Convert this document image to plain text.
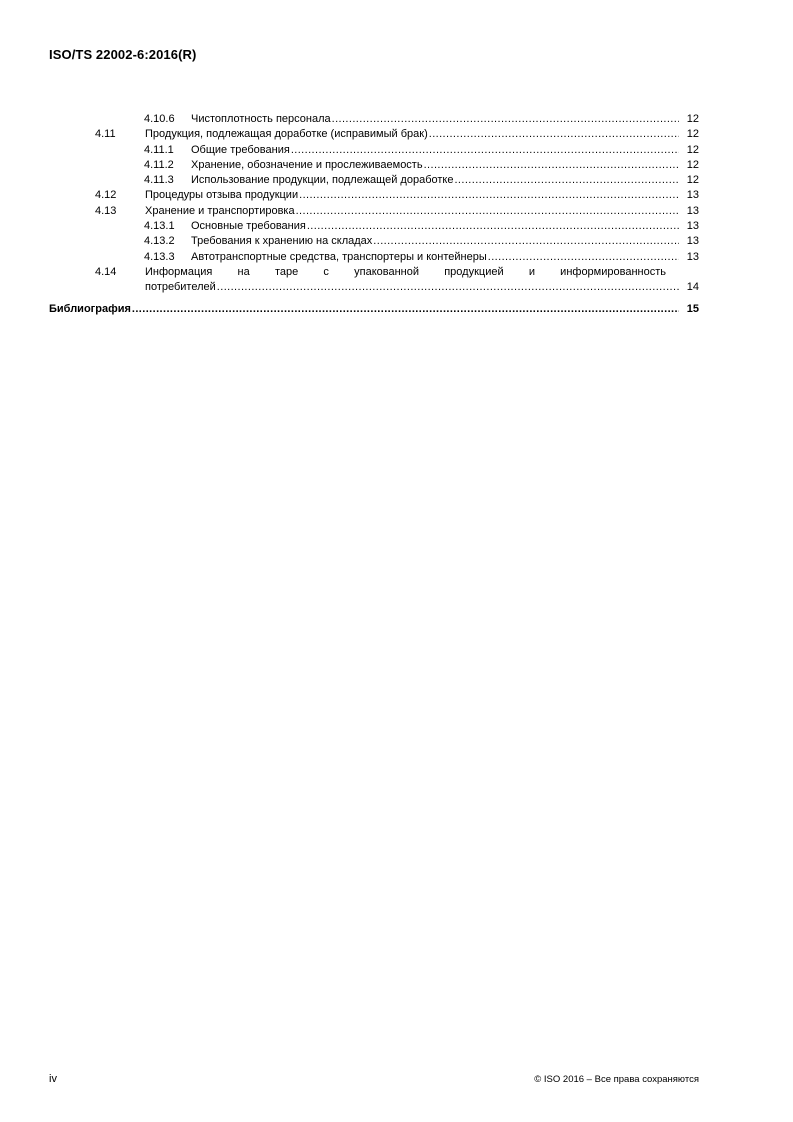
ISO/TS 22002-6:2016(R)
4.10.6	Чистоплотность персонала .....	12
4.11	Продукция, подлежащая доработке (исправимый брак) .....	12
4.11.1	Общие требования .....	12
4.11.2	Хранение, обозначение и прослеживаемость .....	12
4.11.3	Использование продукции, подлежащей доработке .....	12
4.12	Процедуры отзыва продукции .....	13
4.13	Хранение и транспортировка .....	13
4.13.1	Основные требования .....	13
4.13.2	Требования к хранению на складах .....	13
4.13.3	Автотранспортные средства, транспортеры и контейнеры .....	13
4.14	Информация на таре с упакованной продукцией и информированность
потребителей .....	14
Библиография .....	15
iv	© ISO 2016 – Все права сохраняются
